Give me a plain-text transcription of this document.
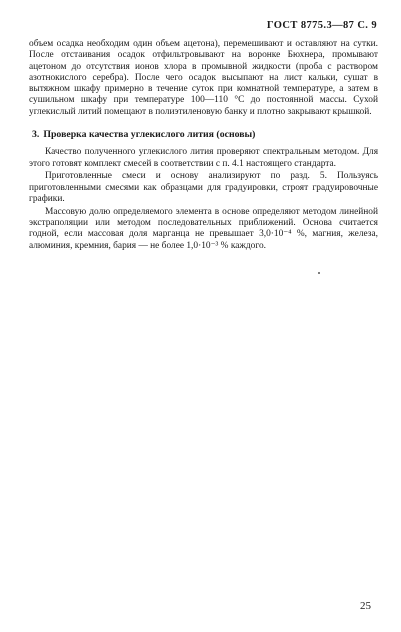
ГОСТ 8775.3—87 С. 9

объем осадка необходим один объем ацетона), перемешивают и оставляют на сутки. После отстаивания осадок отфильтровывают на воронке Бюхнера, промывают ацетоном до отсутствия ионов хлора в промывной жидкости (проба с раствором азотнокислого серебра). После чего осадок высыпают на лист кальки, сушат в вытяжном шкафу примерно в течение суток при комнатной температуре, а затем в сушильном шкафу при температуре 100—110 °С до постоянной массы. Сухой углекислый литий помещают в полиэтиленовую банку и плотно закрывают крышкой.

3. Проверка качества углекислого лития (основы)

Качество полученного углекислого лития проверяют спектральным методом. Для этого готовят комплект смесей в соответствии с п. 4.1 настоящего стандарта.

Приготовленные смеси и основу анализируют по разд. 5. Пользуясь приготовленными смесями как образцами для градуировки, строят градуировочные графики.

Массовую долю определяемого элемента в основе определяют методом линейной экстраполяции или методом последовательных приближений. Основа считается годной, если массовая доля марганца не превышает 3,0·10⁻⁴ %, магния, железа, алюминия, кремния, бария — не более 1,0·10⁻³ % каждого.

25
